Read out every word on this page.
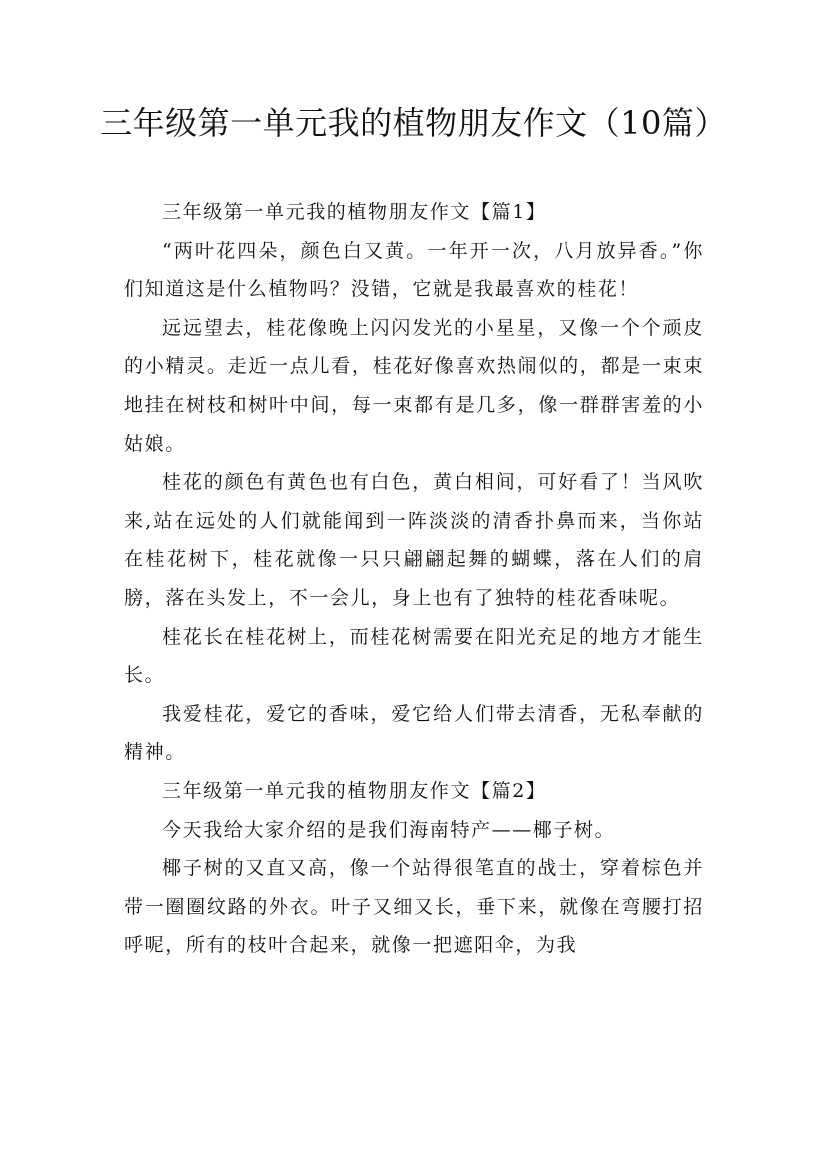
三年级第一单元我的植物朋友作文（10篇）

三年级第一单元我的植物朋友作文【篇1】

“两叶花四朵，颜色白又黄。一年开一次，八月放异香。”你们知道这是什么植物吗？没错，它就是我最喜欢的桂花！

远远望去，桂花像晚上闪闪发光的小星星，又像一个个顽皮的小精灵。走近一点儿看，桂花好像喜欢热闹似的，都是一束束地挂在树枝和树叶中间，每一束都有是几多，像一群群害羞的小姑娘。

桂花的颜色有黄色也有白色，黄白相间，可好看了！当风吹来,站在远处的人们就能闻到一阵淡淡的清香扑鼻而来，当你站在桂花树下，桂花就像一只只翩翩起舞的蝴蝶，落在人们的肩膀，落在头发上，不一会儿，身上也有了独特的桂花香味呢。

桂花长在桂花树上，而桂花树需要在阳光充足的地方才能生长。

我爱桂花，爱它的香味，爱它给人们带去清香，无私奉献的精神。

三年级第一单元我的植物朋友作文【篇2】

今天我给大家介绍的是我们海南特产——椰子树。

椰子树的又直又高，像一个站得很笔直的战士，穿着棕色并带一圈圈纹路的外衣。叶子又细又长，垂下来，就像在弯腰打招呼呢，所有的枝叶合起来，就像一把遮阳伞，为我
